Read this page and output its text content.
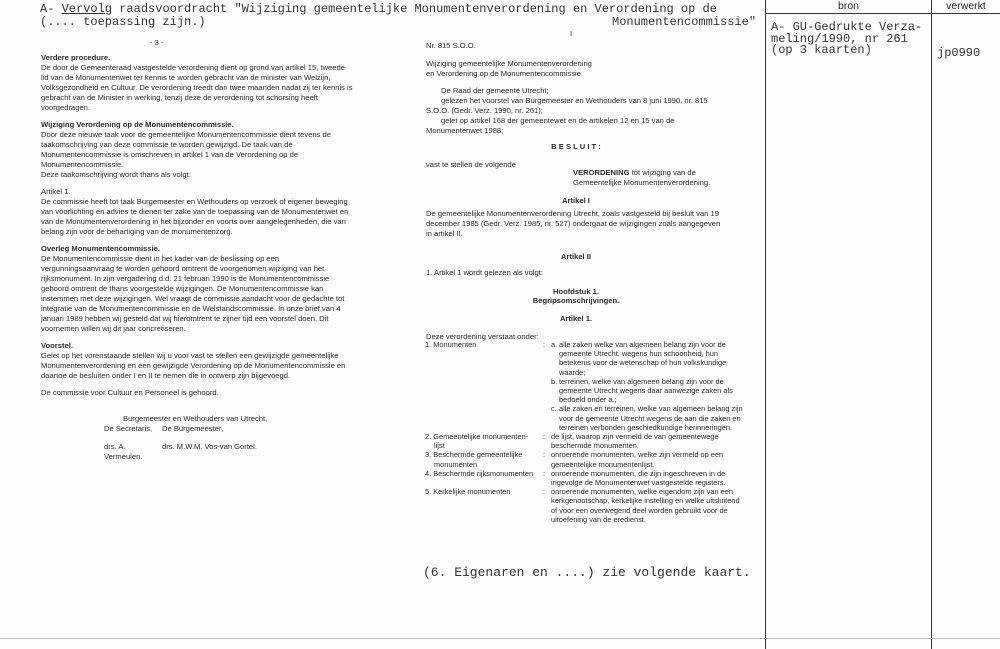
A- Vervolg raadsvoordracht "Wijziging gemeentelijke Monumentenverordening en Verordening op de
Monumentencommissie"
(.... toepassing zijn.)
bron	verwerkt
A- GU-Gedrukte Verza-
meling/1990, nr 261
(op 3 kaarten)	jp0990
- 3 -

Verdere procedure.

De door de Gemeenteraad vastgestelde verordening dient op grond van artikel 15, tweede lid van de Monumentenwet ter kennis te worden gebracht van de minister van Welzijn, Volksgezondheid en Cultuur. De verordening treedt dan twee maanden nadat zij ter kennis is gebracht van de Minister in werking, tenzij deze de verordening tot schorsing heeft voorgedragen.

Wijziging Verordening op de Monumentencommissie.

Door deze nieuwe taak voor de gemeentelijke Monumentencommissie dient tevens de taakomschrijving van deze commissie te worden gewijzigd. De taak van de Monumentencommissie is omschreven in artikel 1 van de Verordening op de Monumentencommissie.

Deze taakomschrijving wordt thans als volgt:

Artikel 1.

De commissie heeft tot taak Burgemeester en Wethouders op verzoek of eigener beweging van voorlichting en advies te dienen ter zake van de toepassing van de Monumentenwet en van de Monumentenverordening in het bijzonder en voorts over aangelegenheden, die van belang zijn voor de behartiging van de monumentenzorg.

Overleg Monumentencommissie.

De Monumentencommissie dient in het kader van de beslissing op een vergunningsaanvraag te worden gehoord omtrent de voorgenomen wijziging van het rijksmonument. In zijn vergadering d.d. 21 februari 1990 is de Monumentencommissie gehoord omtrent de thans voorgestelde wijzigingen. De Monumentencommissie kan instemmen met deze wijzigingen. Wel vraagt de commissie aandacht voor de gedachte tot integratie van de Monumentencommissie en de Welstandscommissie. In onze brief van 4 januari 1989 hebben wij gesteld dat wij hieromtrent te zijner tijd een voorstel doen. Dit voornemen willen wij dit jaar concretiseren.

Voorstel.

Gelet op het vorenstaande stellen wij u voor vast te stellen een gewijzigde gemeentelijke Monumentenverordening en een gewijzigde Verordening op de Monumentencommissie en daartoe de besluiten onder I en II te nemen die in ontwerp zijn bijgevoegd.

De commissie voor Cultuur en Personeel is gehoord.

Burgemeester en Wethouders van Utrecht,
De Secretaris,	De Burgemeester,
drs. A. Vermeulen.
drs. M.W.M. Vos-van Gortel.
I
Nr. 815 S.O.O.

Wijziging gemeentelijke Monumentenverordening

en Verordening op de Monumentencommissie.

De Raad der gemeente Utrecht;

gelezen het voorstel van Burgemeester en Wethouders van 8 juni 1990, nr. 815 S.O.O. (Gedr. Verz. 1990, nr. 261);

gelet op artikel 168 der gemeentewet en de artikelen 12 en 15 van de Monumentenwet 1988;

B E S L U I T :
vast te stellen de volgende

VERORDENING tot wijziging van de

Gemeentelijke Monumentenverordening.

Artikel I
De gemeentelijke Monumentenverordening Utrecht, zoals vastgesteld bij besluit van 19 december 1985 (Gedr. Verz. 1985, nr. 527) ondergaat de wijzigingen zoals aangegeven in artikel II.
Artikel II
1. Artikel 1 wordt gelezen als volgt:
Hoofdstuk 1.
Begripsomschrijvingen.
Artikel 1.
Deze verordening verstaat onder:
1. Monumenten	: a. alle zaken welke van algemeen belang zijn voor de gemeente Utrecht, wegens hun schoonheid, hun betekenis voor de wetenschap of hun volkskundige waarde;
b. terreinen, welke van algemeen belang zijn voor de gemeente Utrecht wegens daar aanwezige zaken als bedoeld onder a.;
c. alle zaken en terreinen, welke van algemeen belang zijn voor de gemeente Utrecht wegens de aan die zaken en terreinen verbonden geschiedkundige herinneringen.
2. Gemeentelijke monumenten-
lijst
: de lijst, waarop zijn vermeld de van gemeentewege beschermde monumenten.
3. Beschermde gemeentelijke
monumenten
: onroerende monumenten, welke zijn vermeld op een gemeentelijke monumentenlijst.
4. Beschermde rijksmonumenten	: onroerende monumenten, die zijn ingeschreven in de ingevolge de Monumentenwet vastgestelde registers.
5. Kerkelijke monumenten	: onroerende monumenten, welke eigendom zijn van een kerkgenootschap, kerkelijke instelling en welke uitsluitend of voor een overwegend deel worden gebruikt voor de uitoefening van de eredienst.
(6. Eigenaren en ....) zie volgende kaart.
